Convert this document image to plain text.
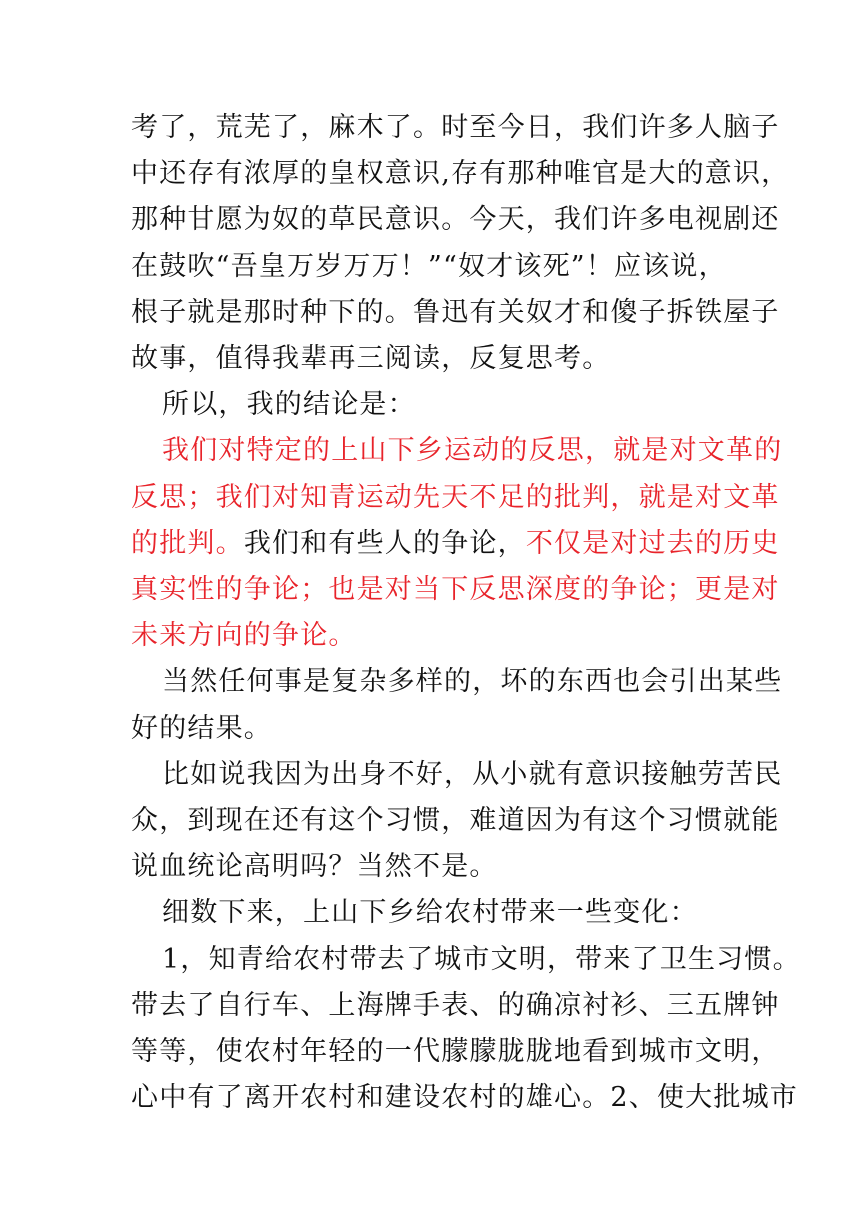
考了，荒芜了，麻木了。时至今日，我们许多人脑子
中还存有浓厚的皇权意识,存有那种唯官是大的意识，
那种甘愿为奴的草民意识。今天，我们许多电视剧还
在鼓吹“吾皇万岁万万！”“奴才该死”！应该说，
根子就是那时种下的。鲁迅有关奴才和傻子拆铁屋子
故事，值得我辈再三阅读，反复思考。
所以，我的结论是：
我们对特定的上山下乡运动的反思，就是对文革的
反思；我们对知青运动先天不足的批判，就是对文革
的批判。我们和有些人的争论，不仅是对过去的历史
真实性的争论；也是对当下反思深度的争论；更是对
未来方向的争论。
当然任何事是复杂多样的，坏的东西也会引出某些
好的结果。
比如说我因为出身不好，从小就有意识接触劳苦民
众，到现在还有这个习惯，难道因为有这个习惯就能
说血统论高明吗？当然不是。
细数下来，上山下乡给农村带来一些变化：
1，知青给农村带去了城市文明，带来了卫生习惯。
带去了自行车、上海牌手表、的确凉衬衫、三五牌钟
等等，使农村年轻的一代朦朦胧胧地看到城市文明，
心中有了离开农村和建设农村的雄心。2、使大批城市
